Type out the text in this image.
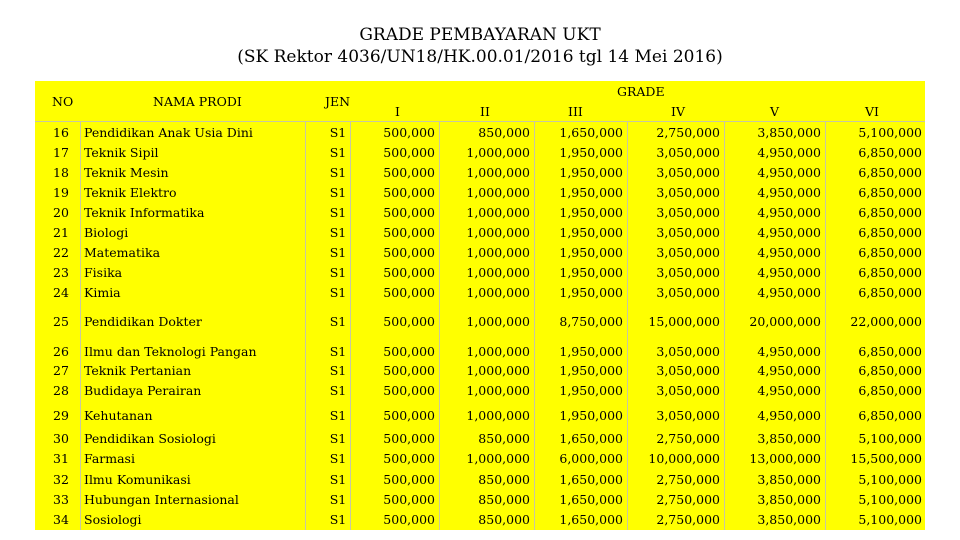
GRADE PEMBAYARAN UKT
(SK Rektor 4036/UN18/HK.00.01/2016 tgl 14 Mei 2016)
NO	NAMA PRODI	JEN
GRADE
I	II	III	IV	V	VI
16	Pendidikan Anak Usia Dini	S1	500,000	850,000	1,650,000	2,750,000	3,850,000	5,100,000
17	Teknik Sipil	S1	500,000	1,000,000	1,950,000	3,050,000	4,950,000	6,850,000
18	Teknik Mesin	S1	500,000	1,000,000	1,950,000	3,050,000	4,950,000	6,850,000
19	Teknik Elektro	S1	500,000	1,000,000	1,950,000	3,050,000	4,950,000	6,850,000
20	Teknik Informatika	S1	500,000	1,000,000	1,950,000	3,050,000	4,950,000	6,850,000
21	Biologi	S1	500,000	1,000,000	1,950,000	3,050,000	4,950,000	6,850,000
22	Matematika	S1	500,000	1,000,000	1,950,000	3,050,000	4,950,000	6,850,000
23	Fisika	S1	500,000	1,000,000	1,950,000	3,050,000	4,950,000	6,850,000
24	Kimia	S1	500,000	1,000,000	1,950,000	3,050,000	4,950,000	6,850,000
25	Pendidikan Dokter	S1	500,000	1,000,000	8,750,000	15,000,000	20,000,000	22,000,000
26	Ilmu dan Teknologi Pangan	S1	500,000	1,000,000	1,950,000	3,050,000	4,950,000	6,850,000
27	Teknik Pertanian	S1	500,000	1,000,000	1,950,000	3,050,000	4,950,000	6,850,000
28	Budidaya Perairan	S1	500,000	1,000,000	1,950,000	3,050,000	4,950,000	6,850,000
29	Kehutanan	S1	500,000	1,000,000	1,950,000	3,050,000	4,950,000	6,850,000
30	Pendidikan Sosiologi	S1	500,000	850,000	1,650,000	2,750,000	3,850,000	5,100,000
31	Farmasi	S1	500,000	1,000,000	6,000,000	10,000,000	13,000,000	15,500,000
32	Ilmu Komunikasi	S1	500,000	850,000	1,650,000	2,750,000	3,850,000	5,100,000
33	Hubungan Internasional	S1	500,000	850,000	1,650,000	2,750,000	3,850,000	5,100,000
34	Sosiologi	S1	500,000	850,000	1,650,000	2,750,000	3,850,000	5,100,000
